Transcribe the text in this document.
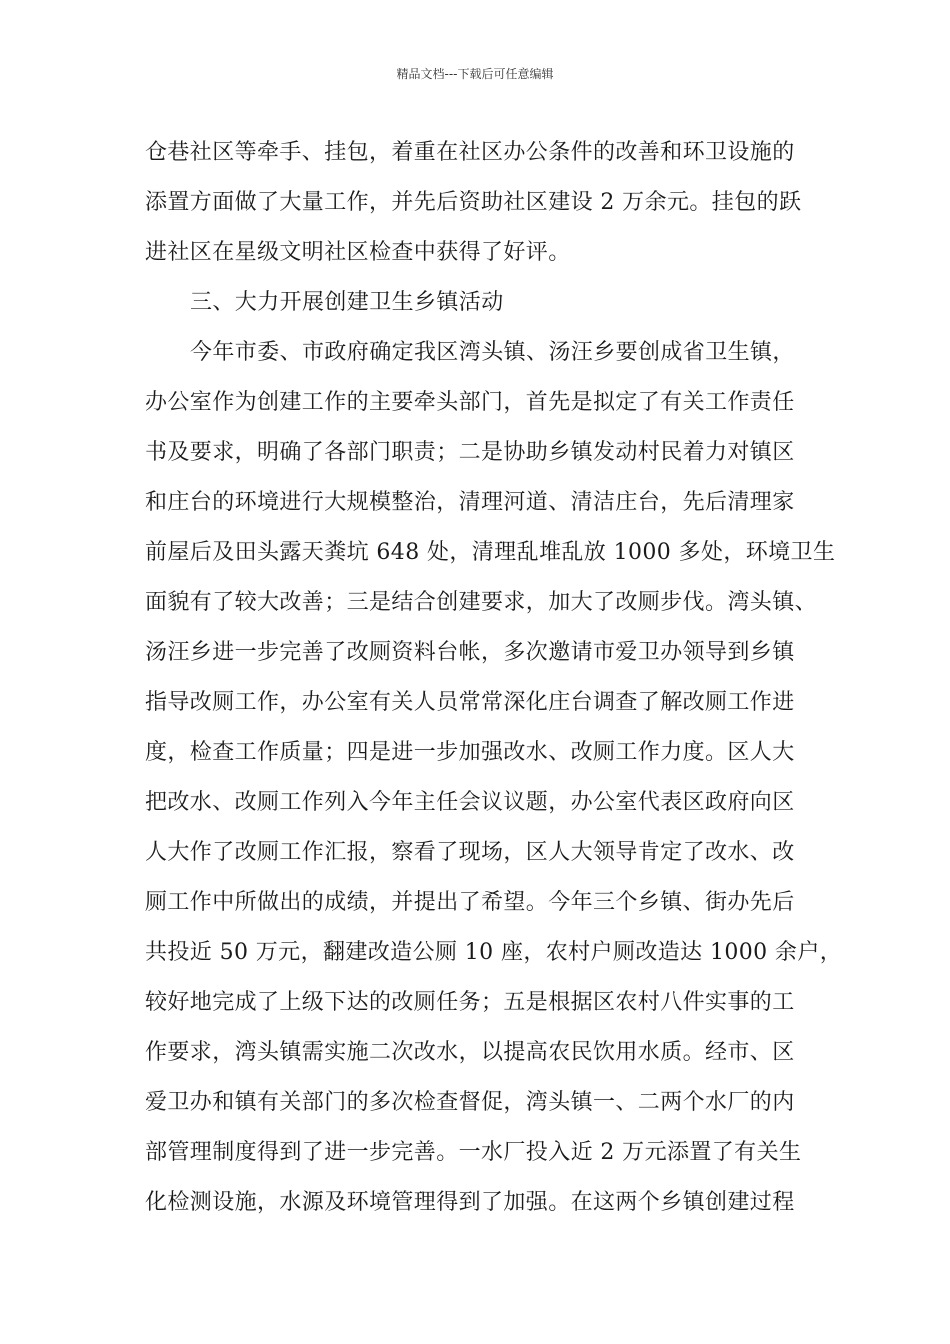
精品文档---下载后可任意编辑
仓巷社区等牵手、挂包，着重在社区办公条件的改善和环卫设施的
添置方面做了大量工作，并先后资助社区建设 2 万余元。挂包的跃
进社区在星级文明社区检查中获得了好评。
三、大力开展创建卫生乡镇活动
今年市委、市政府确定我区湾头镇、汤汪乡要创成省卫生镇，
办公室作为创建工作的主要牵头部门，首先是拟定了有关工作责任
书及要求，明确了各部门职责；二是协助乡镇发动村民着力对镇区
和庄台的环境进行大规模整治，清理河道、清洁庄台，先后清理家
前屋后及田头露天粪坑 648 处，清理乱堆乱放 1000 多处，环境卫生
面貌有了较大改善；三是结合创建要求，加大了改厕步伐。湾头镇、
汤汪乡进一步完善了改厕资料台帐，多次邀请市爱卫办领导到乡镇
指导改厕工作，办公室有关人员常常深化庄台调查了解改厕工作进
度，检查工作质量；四是进一步加强改水、改厕工作力度。区人大
把改水、改厕工作列入今年主任会议议题，办公室代表区政府向区
人大作了改厕工作汇报，察看了现场，区人大领导肯定了改水、改
厕工作中所做出的成绩，并提出了希望。今年三个乡镇、街办先后
共投近 50 万元，翻建改造公厕 10 座，农村户厕改造达 1000 余户，
较好地完成了上级下达的改厕任务；五是根据区农村八件实事的工
作要求，湾头镇需实施二次改水，以提高农民饮用水质。经市、区
爱卫办和镇有关部门的多次检查督促，湾头镇一、二两个水厂的内
部管理制度得到了进一步完善。一水厂投入近 2 万元添置了有关生
化检测设施，水源及环境管理得到了加强。在这两个乡镇创建过程
